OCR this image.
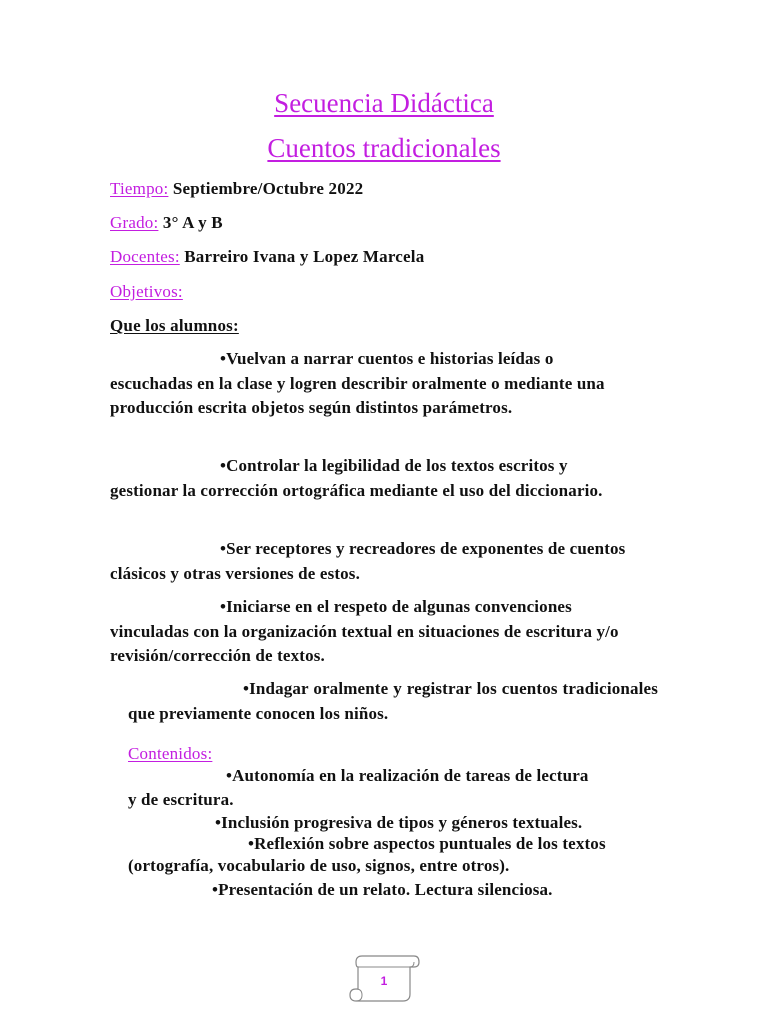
Secuencia Didáctica
Cuentos tradicionales
Tiempo: Septiembre/Octubre 2022
Grado: 3° A y B
Docentes: Barreiro Ivana y Lopez Marcela
Objetivos:
Que los alumnos:
•Vuelvan a narrar cuentos e historias leídas o escuchadas en la clase y logren describir oralmente o mediante una producción escrita objetos según distintos parámetros.
•Controlar la legibilidad de los textos escritos y gestionar la corrección ortográfica mediante el uso del diccionario.
•Ser receptores y recreadores de exponentes de cuentos clásicos y otras versiones de estos.
•Iniciarse en el respeto de algunas convenciones vinculadas con la organización textual en situaciones de escritura y/o revisión/corrección de textos.
•Indagar oralmente y registrar los cuentos tradicionales que previamente conocen los niños.
Contenidos:
•Autonomía en la realización de tareas de lectura
y de escritura.
•Inclusión progresiva de tipos y géneros textuales.
•Reflexión sobre aspectos puntuales de los textos
(ortografía, vocabulario de uso, signos, entre otros).
•Presentación de un relato. Lectura silenciosa.
1
